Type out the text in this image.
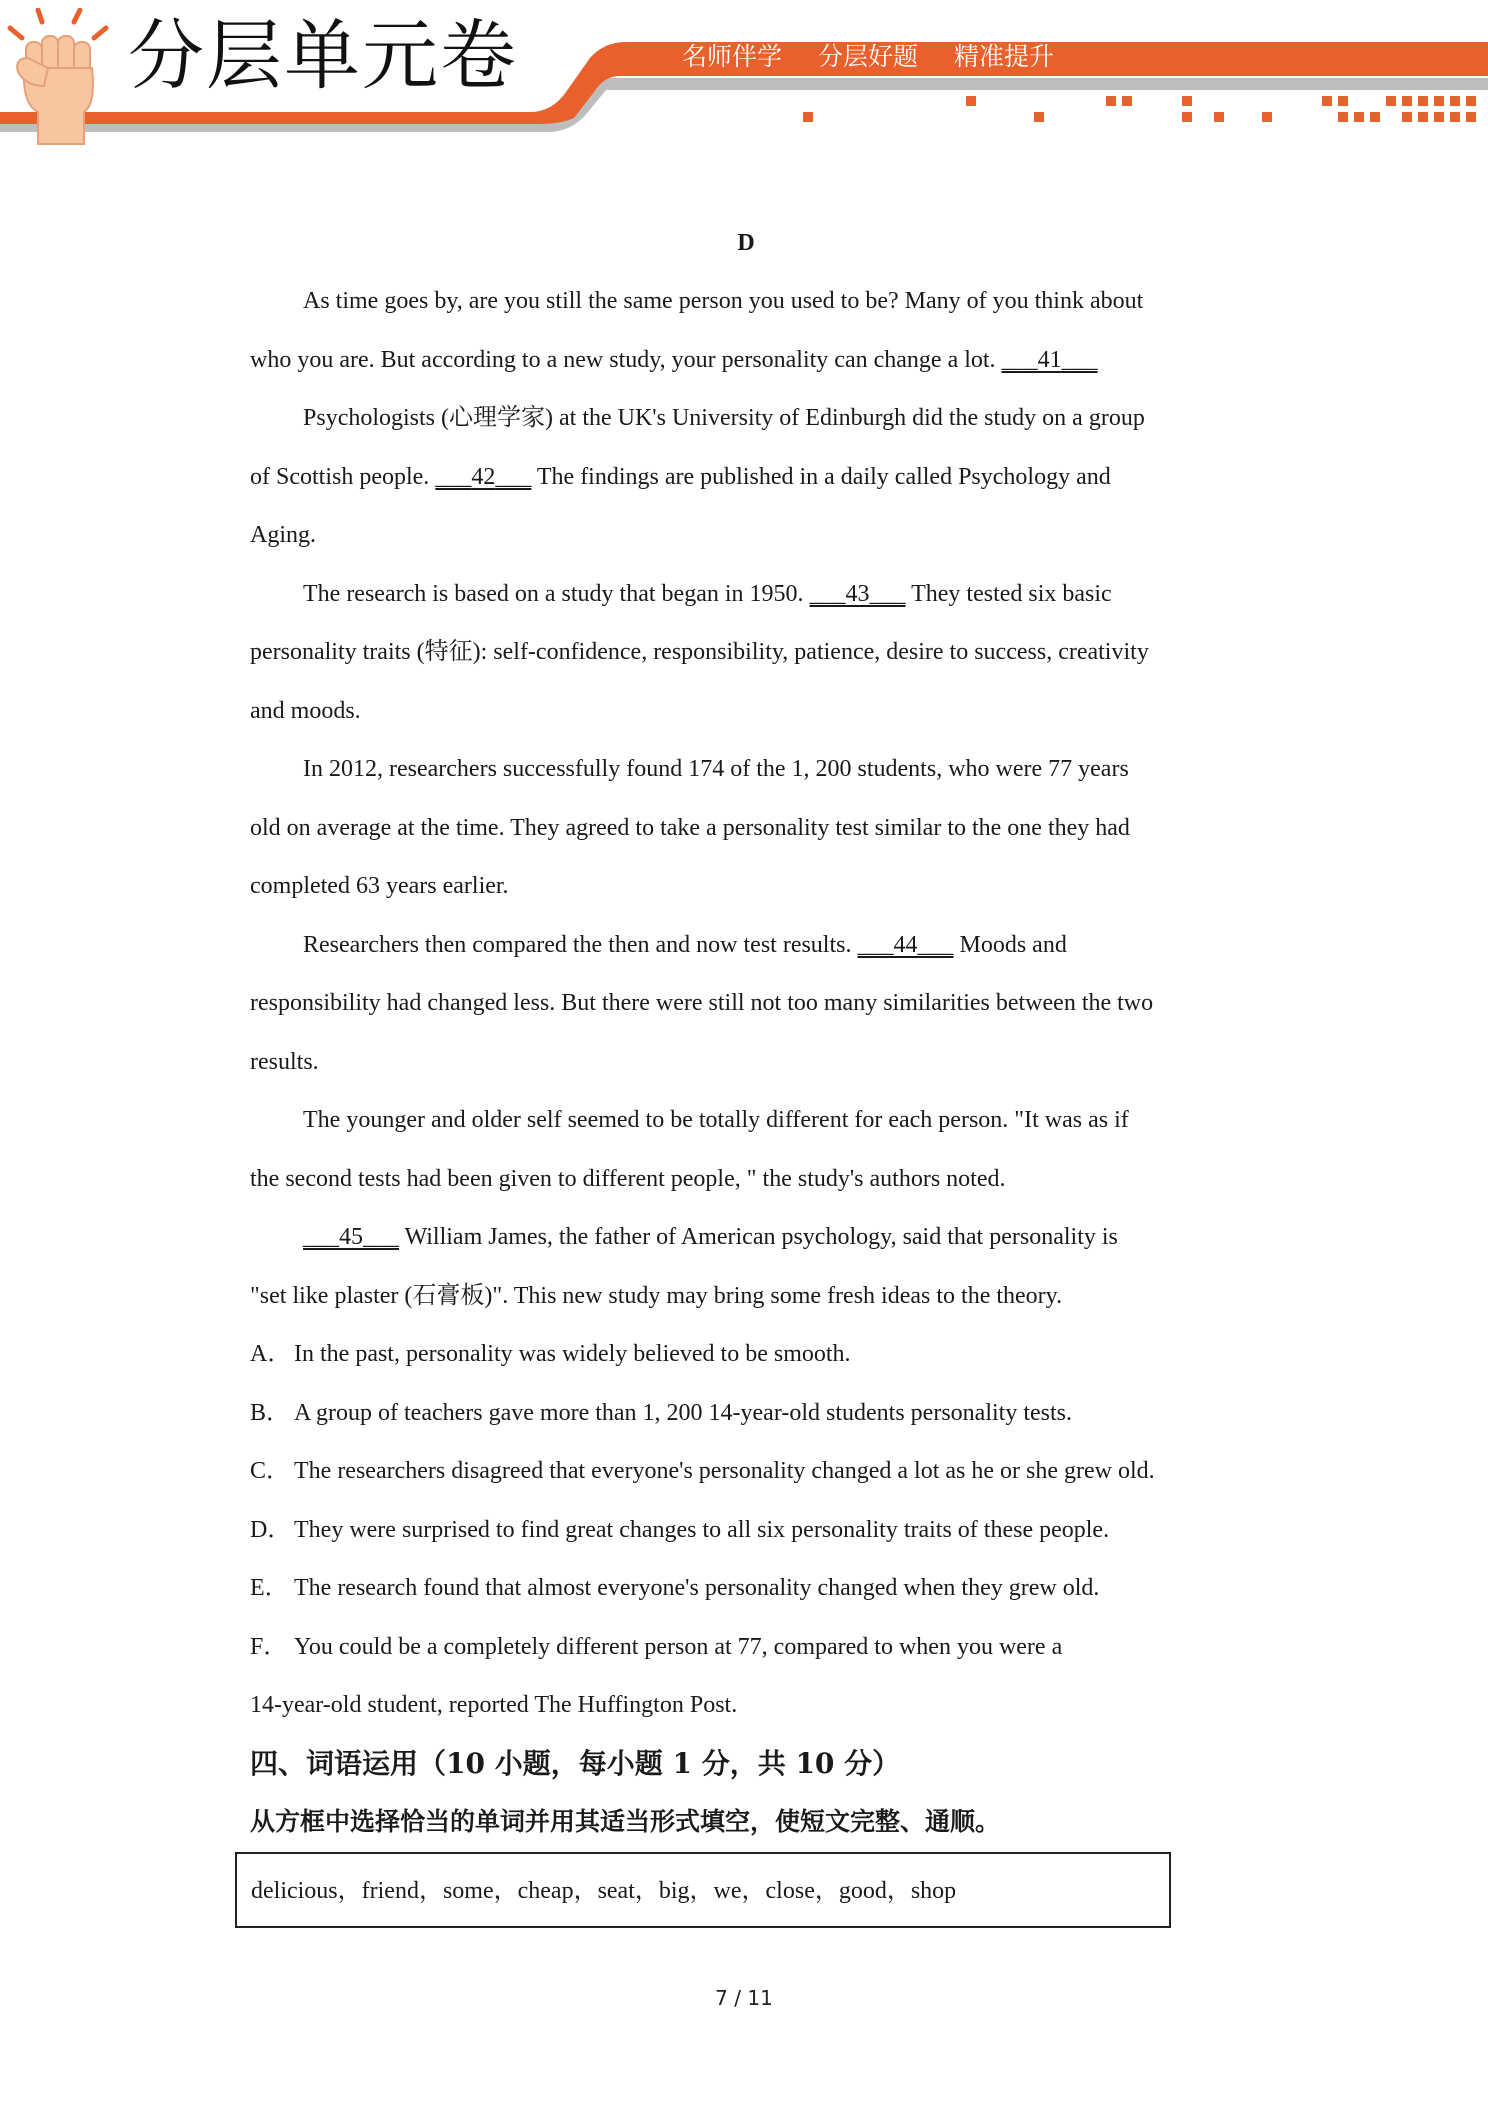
分层单元卷	名师伴学 分层好题 精准提升
D
As time goes by, are you still the same person you used to be? Many of you think about
who you are. But according to a new study, your personality can change a lot. ___41___
Psychologists (心理学家) at the UK's University of Edinburgh did the study on a group
of Scottish people. ___42___ The findings are published in a daily called Psychology and
Aging.
The research is based on a study that began in 1950. ___43___ They tested six basic
personality traits (特征): self-confidence, responsibility, patience, desire to success, creativity
and moods.
In 2012, researchers successfully found 174 of the 1, 200 students, who were 77 years
old on average at the time. They agreed to take a personality test similar to the one they had
completed 63 years earlier.
Researchers then compared the then and now test results. ___44___ Moods and
responsibility had changed less. But there were still not too many similarities between the two
results.
The younger and older self seemed to be totally different for each person. "It was as if
the second tests had been given to different people, " the study's authors noted.
___45___ William James, the father of American psychology, said that personality is
"set like plaster (石膏板)". This new study may bring some fresh ideas to the theory.
A． In the past, personality was widely believed to be smooth.
B． A group of teachers gave more than 1, 200 14-year-old students personality tests.
C． The researchers disagreed that everyone's personality changed a lot as he or she grew old.
D． They were surprised to find great changes to all six personality traits of these people.
E． The research found that almost everyone's personality changed when they grew old.
F． You could be a completely different person at 77, compared to when you were a
14-year-old student, reported The Huffington Post.
四、词语运用（10 小题，每小题 1 分，共 10 分）
从方框中选择恰当的单词并用其适当形式填空，使短文完整、通顺。
delicious，friend，some，cheap，seat，big，we，close，good，shop
7 / 11
